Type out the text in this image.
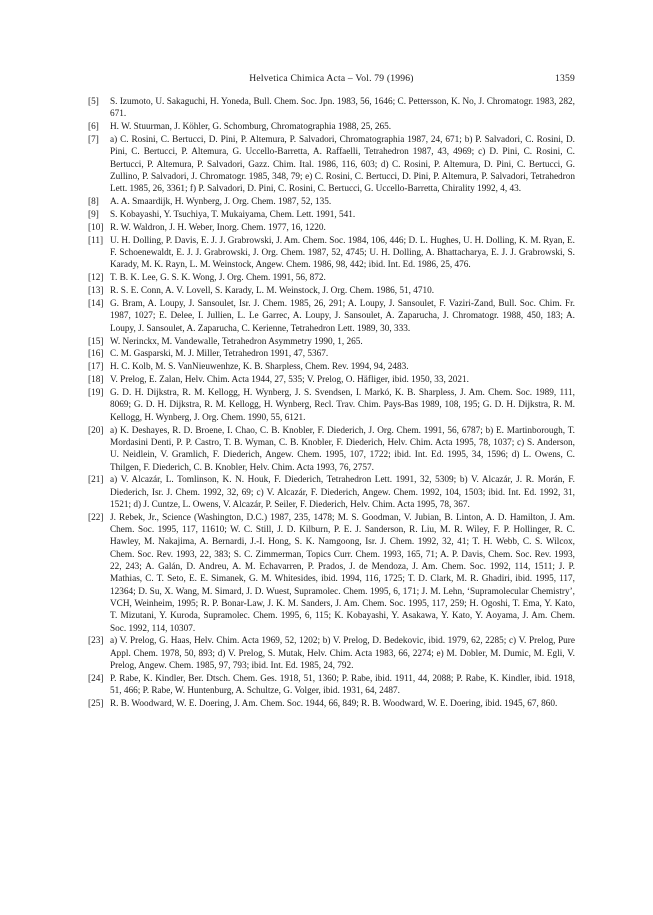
Helvetica Chimica Acta – Vol. 79 (1996)	1359
[5]	S. Izumoto, U. Sakaguchi, H. Yoneda, Bull. Chem. Soc. Jpn. 1983, 56, 1646; C. Pettersson, K. No, J. Chromatogr. 1983, 282, 671.
[6]	H. W. Stuurman, J. Köhler, G. Schomburg, Chromatographia 1988, 25, 265.
[7]	a) C. Rosini, C. Bertucci, D. Pini, P. Altemura, P. Salvadori, Chromatographia 1987, 24, 671; b) P. Salvadori, C. Rosini, D. Pini, C. Bertucci, P. Altemura, G. Uccello-Barretta, A. Raffaelli, Tetrahedron 1987, 43, 4969; c) D. Pini, C. Rosini, C. Bertucci, P. Altemura, P. Salvadori, Gazz. Chim. Ital. 1986, 116, 603; d) C. Rosini, P. Altemura, D. Pini, C. Bertucci, G. Zullino, P. Salvadori, J. Chromatogr. 1985, 348, 79; e) C. Rosini, C. Bertucci, D. Pini, P. Altemura, P. Salvadori, Tetrahedron Lett. 1985, 26, 3361; f) P. Salvadori, D. Pini, C. Rosini, C. Bertucci, G. Uccello-Barretta, Chirality 1992, 4, 43.
[8]	A. A. Smaardijk, H. Wynberg, J. Org. Chem. 1987, 52, 135.
[9]	S. Kobayashi, Y. Tsuchiya, T. Mukaiyama, Chem. Lett. 1991, 541.
[10] R. W. Waldron, J. H. Weber, Inorg. Chem. 1977, 16, 1220.
[11] U. H. Dolling, P. Davis, E. J. J. Grabrowski, J. Am. Chem. Soc. 1984, 106, 446; D. L. Hughes, U. H. Dolling, K. M. Ryan, E. F. Schoenewaldt, E. J. J. Grabrowski, J. Org. Chem. 1987, 52, 4745; U. H. Dolling, A. Bhattacharya, E. J. J. Grabrowski, S. Karady, M. K. Rayn, L. M. Weinstock, Angew. Chem. 1986, 98, 442; ibid. Int. Ed. 1986, 25, 476.
[12] T. B. K. Lee, G. S. K. Wong, J. Org. Chem. 1991, 56, 872.
[13] R. S. E. Conn, A. V. Lovell, S. Karady, L. M. Weinstock, J. Org. Chem. 1986, 51, 4710.
[14] G. Bram, A. Loupy, J. Sansoulet, Isr. J. Chem. 1985, 26, 291; A. Loupy, J. Sansoulet, F. Vaziri-Zand, Bull. Soc. Chim. Fr. 1987, 1027; E. Delee, I. Jullien, L. Le Garrec, A. Loupy, J. Sansoulet, A. Zaparucha, J. Chromatogr. 1988, 450, 183; A. Loupy, J. Sansoulet, A. Zaparucha, C. Kerienne, Tetrahedron Lett. 1989, 30, 333.
[15] W. Nerinckx, M. Vandewalle, Tetrahedron Asymmetry 1990, 1, 265.
[16] C. M. Gasparski, M. J. Miller, Tetrahedron 1991, 47, 5367.
[17] H. C. Kolb, M. S. VanNieuwenhze, K. B. Sharpless, Chem. Rev. 1994, 94, 2483.
[18] V. Prelog, E. Zalan, Helv. Chim. Acta 1944, 27, 535; V. Prelog, O. Häfliger, ibid. 1950, 33, 2021.
[19] G. D. H. Dijkstra, R. M. Kellogg, H. Wynberg, J. S. Svendsen, I. Markó, K. B. Sharpless, J. Am. Chem. Soc. 1989, 111, 8069; G. D. H. Dijkstra, R. M. Kellogg, H. Wynberg, Recl. Trav. Chim. Pays-Bas 1989, 108, 195; G. D. H. Dijkstra, R. M. Kellogg, H. Wynberg, J. Org. Chem. 1990, 55, 6121.
[20] a) K. Deshayes, R. D. Broene, I. Chao, C. B. Knobler, F. Diederich, J. Org. Chem. 1991, 56, 6787; b) E. Martinborough, T. Mordasini Denti, P. P. Castro, T. B. Wyman, C. B. Knobler, F. Diederich, Helv. Chim. Acta 1995, 78, 1037; c) S. Anderson, U. Neidlein, V. Gramlich, F. Diederich, Angew. Chem. 1995, 107, 1722; ibid. Int. Ed. 1995, 34, 1596; d) L. Owens, C. Thilgen, F. Diederich, C. B. Knobler, Helv. Chim. Acta 1993, 76, 2757.
[21] a) V. Alcazár, L. Tomlinson, K. N. Houk, F. Diederich, Tetrahedron Lett. 1991, 32, 5309; b) V. Alcazár, J. R. Morán, F. Diederich, Isr. J. Chem. 1992, 32, 69; c) V. Alcazár, F. Diederich, Angew. Chem. 1992, 104, 1503; ibid. Int. Ed. 1992, 31, 1521; d) J. Cuntze, L. Owens, V. Alcazár, P. Seiler, F. Diederich, Helv. Chim. Acta 1995, 78, 367.
[22] J. Rebek, Jr., Science (Washington, D.C.) 1987, 235, 1478; M. S. Goodman, V. Jubian, B. Linton, A. D. Hamilton, J. Am. Chem. Soc. 1995, 117, 11610; W. C. Still, J. D. Kilburn, P. E. J. Sanderson, R. Liu, M. R. Wiley, F. P. Hollinger, R. C. Hawley, M. Nakajima, A. Bernardi, J.-I. Hong, S. K. Namgoong, Isr. J. Chem. 1992, 32, 41; T. H. Webb, C. S. Wilcox, Chem. Soc. Rev. 1993, 22, 383; S. C. Zimmerman, Topics Curr. Chem. 1993, 165, 71; A. P. Davis, Chem. Soc. Rev. 1993, 22, 243; A. Galán, D. Andreu, A. M. Echavarren, P. Prados, J. de Mendoza, J. Am. Chem. Soc. 1992, 114, 1511; J. P. Mathias, C. T. Seto, E. E. Simanek, G. M. Whitesides, ibid. 1994, 116, 1725; T. D. Clark, M. R. Ghadiri, ibid. 1995, 117, 12364; D. Su, X. Wang, M. Simard, J. D. Wuest, Supramolec. Chem. 1995, 6, 171; J. M. Lehn, ‘Supramolecular Chemistry’, VCH, Weinheim, 1995; R. P. Bonar-Law, J. K. M. Sanders, J. Am. Chem. Soc. 1995, 117, 259; H. Ogoshi, T. Ema, Y. Kato, T. Mizutani, Y. Kuroda, Supramolec. Chem. 1995, 6, 115; K. Kobayashi, Y. Asakawa, Y. Kato, Y. Aoyama, J. Am. Chem. Soc. 1992, 114, 10307.
[23] a) V. Prelog, G. Haas, Helv. Chim. Acta 1969, 52, 1202; b) V. Prelog, D. Bedekovic, ibid. 1979, 62, 2285; c) V. Prelog, Pure Appl. Chem. 1978, 50, 893; d) V. Prelog, S. Mutak, Helv. Chim. Acta 1983, 66, 2274; e) M. Dobler, M. Dumic, M. Egli, V. Prelog, Angew. Chem. 1985, 97, 793; ibid. Int. Ed. 1985, 24, 792.
[24] P. Rabe, K. Kindler, Ber. Dtsch. Chem. Ges. 1918, 51, 1360; P. Rabe, ibid. 1911, 44, 2088; P. Rabe, K. Kindler, ibid. 1918, 51, 466; P. Rabe, W. Huntenburg, A. Schultze, G. Volger, ibid. 1931, 64, 2487.
[25] R. B. Woodward, W. E. Doering, J. Am. Chem. Soc. 1944, 66, 849; R. B. Woodward, W. E. Doering, ibid. 1945, 67, 860.
